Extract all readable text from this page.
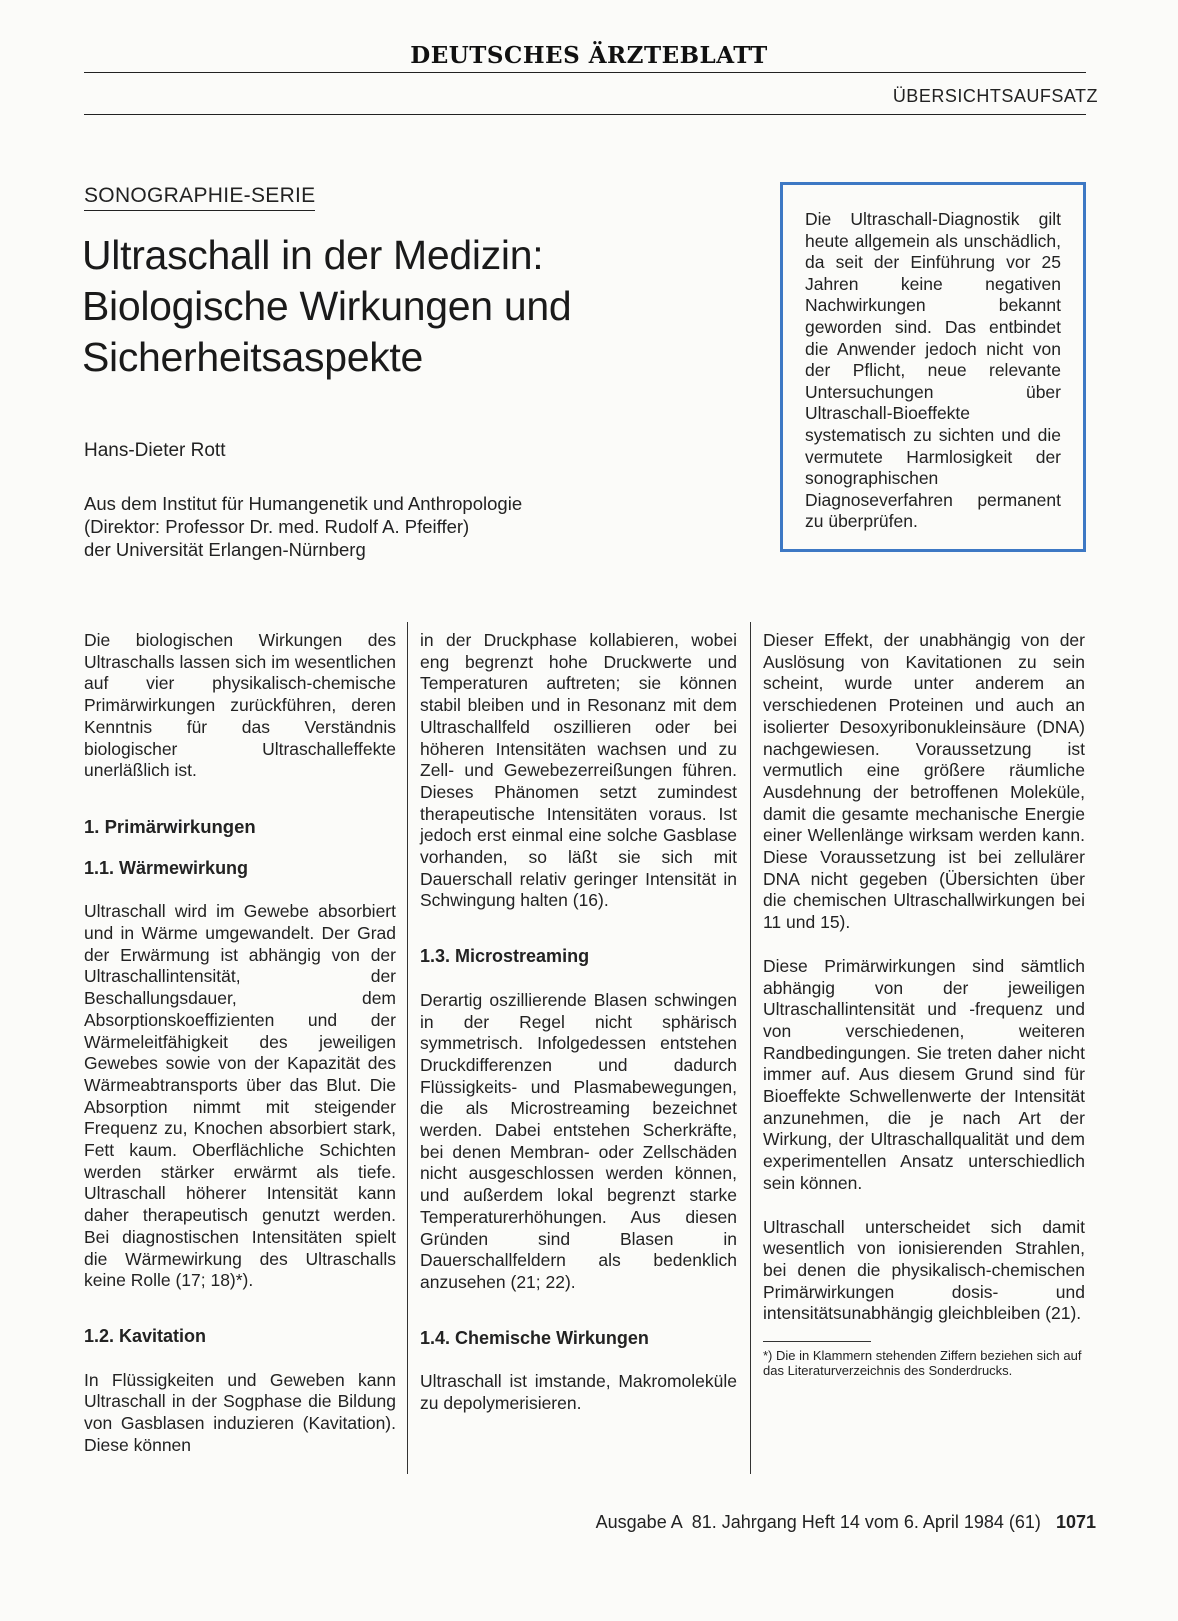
DEUTSCHES ÄRZTEBLATT
ÜBERSICHTSAUFSATZ
SONOGRAPHIE-SERIE
Ultraschall in der Medizin:
Biologische Wirkungen und
Sicherheitsaspekte
Hans-Dieter Rott
Aus dem Institut für Humangenetik und Anthropologie
(Direktor: Professor Dr. med. Rudolf A. Pfeiffer)
der Universität Erlangen-Nürnberg

Die Ultraschall-Diagnostik gilt heute allgemein als unschädlich, da seit der Einführung vor 25 Jahren keine negativen Nachwirkungen bekannt geworden sind. Das entbindet die Anwender jedoch nicht von der Pflicht, neue relevante Untersuchungen über Ultraschall-Bioeffekte systematisch zu sichten und die vermutete Harmlosigkeit der sonographischen Diagnoseverfahren permanent zu überprüfen.

Die biologischen Wirkungen des Ultraschalls lassen sich im wesentlichen auf vier physikalisch-chemische Primärwirkungen zurückführen, deren Kenntnis für das Verständnis biologischer Ultraschalleffekte unerläßlich ist.

1. Primärwirkungen

1.1. Wärmewirkung

Ultraschall wird im Gewebe absorbiert und in Wärme umgewandelt. Der Grad der Erwärmung ist abhängig von der Ultraschallintensität, der Beschallungsdauer, dem Absorptionskoeffizienten und der Wärmeleitfähigkeit des jeweiligen Gewebes sowie von der Kapazität des Wärmeabtransports über das Blut. Die Absorption nimmt mit steigender Frequenz zu, Knochen absorbiert stark, Fett kaum. Oberflächliche Schichten werden stärker erwärmt als tiefe. Ultraschall höherer Intensität kann daher therapeutisch genutzt werden. Bei diagnostischen Intensitäten spielt die Wärmewirkung des Ultraschalls keine Rolle (17; 18)*).

1.2. Kavitation

In Flüssigkeiten und Geweben kann Ultraschall in der Sogphase die Bildung von Gasblasen induzieren (Kavitation). Diese können

in der Druckphase kollabieren, wobei eng begrenzt hohe Druckwerte und Temperaturen auftreten; sie können stabil bleiben und in Resonanz mit dem Ultraschallfeld oszillieren oder bei höheren Intensitäten wachsen und zu Zell- und Gewebezerreißungen führen. Dieses Phänomen setzt zumindest therapeutische Intensitäten voraus. Ist jedoch erst einmal eine solche Gasblase vorhanden, so läßt sie sich mit Dauerschall relativ geringer Intensität in Schwingung halten (16).

1.3. Microstreaming

Derartig oszillierende Blasen schwingen in der Regel nicht sphärisch symmetrisch. Infolgedessen entstehen Druckdifferenzen und dadurch Flüssigkeits- und Plasmabewegungen, die als Microstreaming bezeichnet werden. Dabei entstehen Scherkräfte, bei denen Membran- oder Zellschäden nicht ausgeschlossen werden können, und außerdem lokal begrenzt starke Temperaturerhöhungen. Aus diesen Gründen sind Blasen in Dauerschallfeldern als bedenklich anzusehen (21; 22).

1.4. Chemische Wirkungen

Ultraschall ist imstande, Makromoleküle zu depolymerisieren.

Dieser Effekt, der unabhängig von der Auslösung von Kavitationen zu sein scheint, wurde unter anderem an verschiedenen Proteinen und auch an isolierter Desoxyribonukleinsäure (DNA) nachgewiesen. Voraussetzung ist vermutlich eine größere räumliche Ausdehnung der betroffenen Moleküle, damit die gesamte mechanische Energie einer Wellenlänge wirksam werden kann. Diese Voraussetzung ist bei zellulärer DNA nicht gegeben (Übersichten über die chemischen Ultraschallwirkungen bei 11 und 15).

Diese Primärwirkungen sind sämtlich abhängig von der jeweiligen Ultraschallintensität und -frequenz und von verschiedenen, weiteren Randbedingungen. Sie treten daher nicht immer auf. Aus diesem Grund sind für Bioeffekte Schwellenwerte der Intensität anzunehmen, die je nach Art der Wirkung, der Ultraschallqualität und dem experimentellen Ansatz unterschiedlich sein können.

Ultraschall unterscheidet sich damit wesentlich von ionisierenden Strahlen, bei denen die physikalisch-chemischen Primärwirkungen dosis- und intensitätsunabhängig gleichbleiben (21).

*) Die in Klammern stehenden Ziffern beziehen sich auf das Literaturverzeichnis des Sonderdrucks.

Ausgabe A  81. Jahrgang Heft 14 vom 6. April 1984 (61) 1071
